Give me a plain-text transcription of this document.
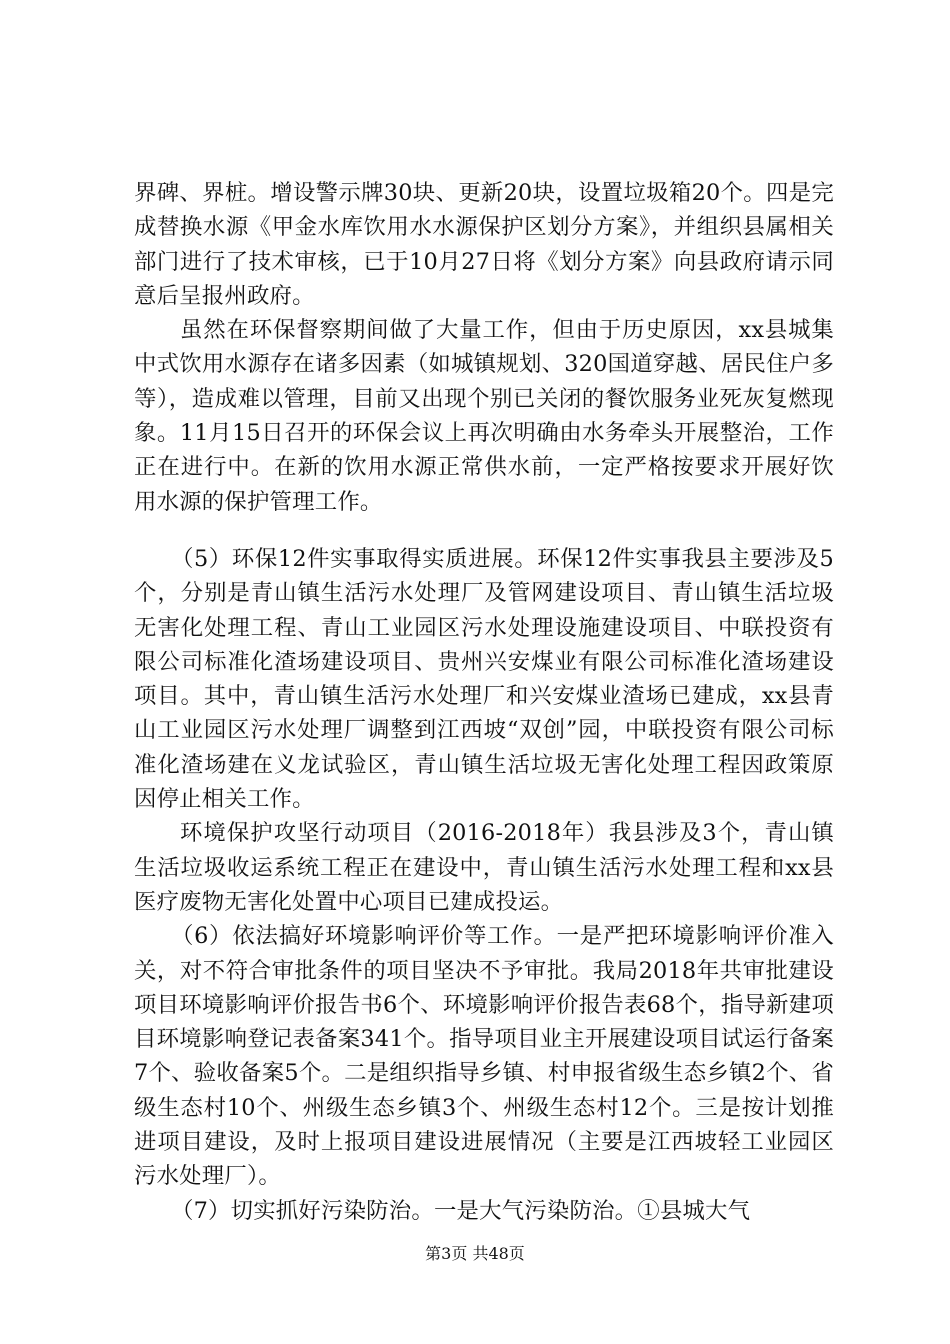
界碑、界桩。增设警示牌30块、更新20块，设置垃圾箱20个。四是完成替换水源《甲金水库饮用水水源保护区划分方案》，并组织县属相关部门进行了技术审核，已于10月27日将《划分方案》向县政府请示同意后呈报州政府。

虽然在环保督察期间做了大量工作，但由于历史原因，xx县城集中式饮用水源存在诸多因素（如城镇规划、320国道穿越、居民住户多等），造成难以管理，目前又出现个别已关闭的餐饮服务业死灰复燃现象。11月15日召开的环保会议上再次明确由水务牵头开展整治，工作正在进行中。在新的饮用水源正常供水前，一定严格按要求开展好饮用水源的保护管理工作。

（5）环保12件实事取得实质进展。环保12件实事我县主要涉及5个，分别是青山镇生活污水处理厂及管网建设项目、青山镇生活垃圾无害化处理工程、青山工业园区污水处理设施建设项目、中联投资有限公司标准化渣场建设项目、贵州兴安煤业有限公司标准化渣场建设项目。其中，青山镇生活污水处理厂和兴安煤业渣场已建成，xx县青山工业园区污水处理厂调整到江西坡“双创”园，中联投资有限公司标准化渣场建在义龙试验区，青山镇生活垃圾无害化处理工程因政策原因停止相关工作。

环境保护攻坚行动项目（2016-2018年）我县涉及3个，青山镇生活垃圾收运系统工程正在建设中，青山镇生活污水处理工程和xx县医疗废物无害化处置中心项目已建成投运。

（6）依法搞好环境影响评价等工作。一是严把环境影响评价准入关，对不符合审批条件的项目坚决不予审批。我局2018年共审批建设项目环境影响评价报告书6个、环境影响评价报告表68个，指导新建项目环境影响登记表备案341个。指导项目业主开展建设项目试运行备案7个、验收备案5个。二是组织指导乡镇、村申报省级生态乡镇2个、省级生态村10个、州级生态乡镇3个、州级生态村12个。三是按计划推进项目建设，及时上报项目建设进展情况（主要是江西坡轻工业园区污水处理厂）。

（7）切实抓好污染防治。一是大气污染防治。①县城大气

第3页 共48页
